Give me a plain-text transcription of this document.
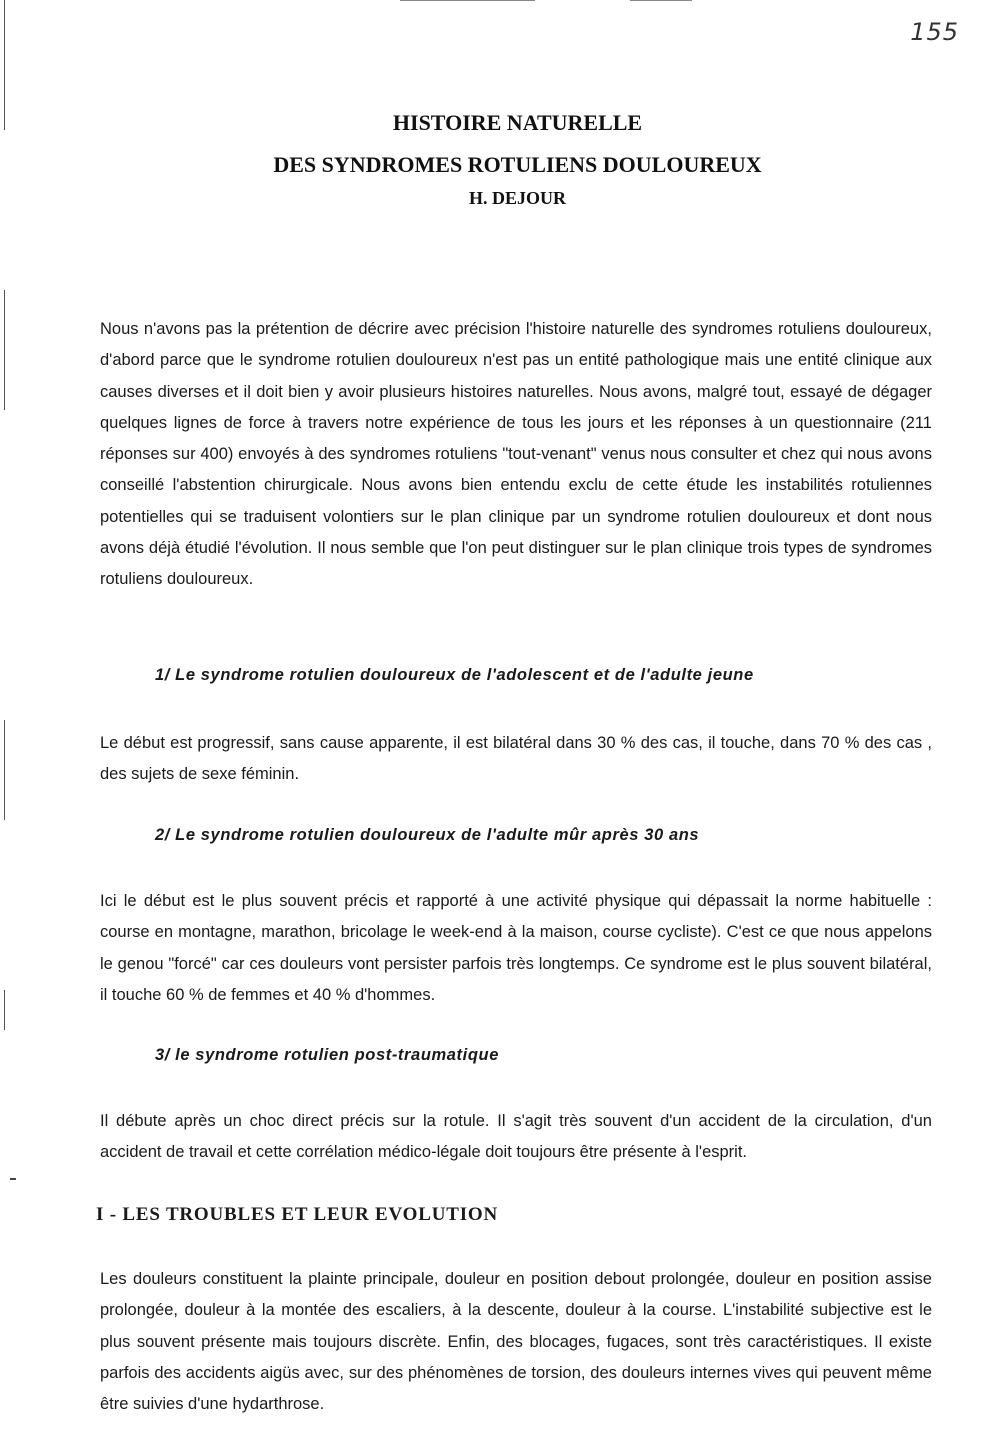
155
HISTOIRE NATURELLE
DES SYNDROMES ROTULIENS DOULOUREUX
H. DEJOUR

Nous n'avons pas la prétention de décrire avec précision l'histoire naturelle des syndromes rotuliens douloureux, d'abord parce que le syndrome rotulien douloureux n'est pas un entité pathologique mais une entité clinique aux causes diverses et il doit bien y avoir plusieurs histoires naturelles. Nous avons, malgré tout, essayé de dégager quelques lignes de force à travers notre expérience de tous les jours et les réponses à un questionnaire (211 réponses sur 400) envoyés à des syndromes rotuliens "tout-venant" venus nous consulter et chez qui nous avons conseillé l'abstention chirurgicale. Nous avons bien entendu exclu de cette étude les instabilités rotuliennes potentielles qui se traduisent volontiers sur le plan clinique par un syndrome rotulien douloureux et dont nous avons déjà étudié l'évolution. Il nous semble que l'on peut distinguer sur le plan clinique trois types de syndromes rotuliens douloureux.

1/ Le syndrome rotulien douloureux de l'adolescent et de l'adulte jeune

Le début est progressif, sans cause apparente, il est bilatéral dans 30 % des cas, il touche, dans 70 % des cas , des sujets de sexe féminin.

2/ Le syndrome rotulien douloureux de l'adulte mûr après 30 ans

Ici le début est le plus souvent précis et rapporté à une activité physique qui dépassait la norme habituelle : course en montagne, marathon, bricolage le week-end à la maison, course cycliste). C'est ce que nous appelons le genou "forcé" car ces douleurs vont persister parfois très longtemps. Ce syndrome est le plus souvent bilatéral, il touche 60 % de femmes et 40 % d'hommes.

3/ le syndrome rotulien post-traumatique

Il débute après un choc direct précis sur la rotule. Il s'agit très souvent d'un accident de la circulation, d'un accident de travail et cette corrélation médico-légale doit toujours être présente à l'esprit.

I - LES TROUBLES ET LEUR EVOLUTION

Les douleurs constituent la plainte principale, douleur en position debout prolongée, douleur en position assise prolongée, douleur à la montée des escaliers, à la descente, douleur à la course. L'instabilité subjective est le plus souvent présente mais toujours discrète. Enfin, des blocages, fugaces, sont très caractéristiques. Il existe parfois des accidents aigüs avec, sur des phénomènes de torsion, des douleurs internes vives qui peuvent même être suivies d'une hydarthrose.
